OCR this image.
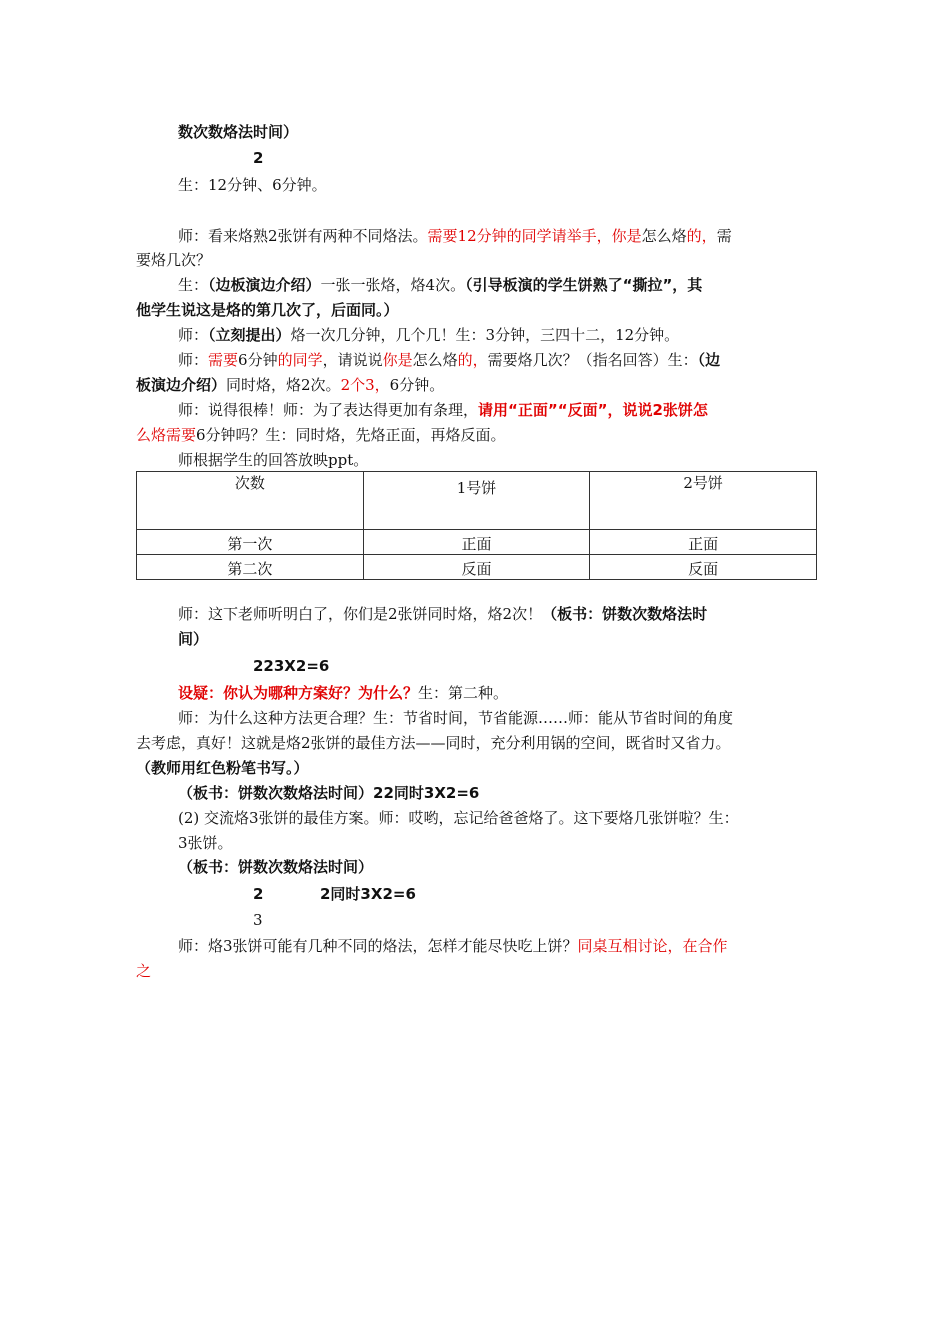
数次数烙法时间）
2
生：12分钟、6分钟。
师：看来烙熟2张饼有两种不同烙法。需要12分钟的同学请举手，你是怎么烙的，需
要烙几次？
生：（边板演边介绍）一张一张烙，烙4次。（引导板演的学生饼熟了“撕拉”，其
他学生说这是烙的第几次了，后面同。）
师：（立刻提出）烙一次几分钟，几个几！生：3分钟，三四十二，12分钟。
师：需要6分钟的同学，请说说你是怎么烙的，需要烙几次？（指名回答）生：（边
板演边介绍）同时烙，烙2次。2个3，6分钟。
师：说得很棒！师：为了表达得更加有条理，请用“正面”“反面”，说说2张饼怎
么烙需要6分钟吗？生：同时烙，先烙正面，再烙反面。
师根据学生的回答放映ppt。
次数	1号饼	2号饼
第一次	正面	正面
第二次	反面	反面
师：这下老师听明白了，你们是2张饼同时烙，烙2次！（板书：饼数次数烙法时
间）
223X2=6
设疑：你认为哪种方案好？为什么？生：第二种。
师：为什么这种方法更合理？生：节省时间，节省能源……师：能从节省时间的角度
去考虑，真好！这就是烙2张饼的最佳方法——同时，充分利用锅的空间，既省时又省力。
（教师用红色粉笔书写。）
（板书：饼数次数烙法时间）22同时3X2=6
(2) 交流烙3张饼的最佳方案。师：哎哟，忘记给爸爸烙了。这下要烙几张饼啦？生：
3张饼。
（板书：饼数次数烙法时间）
2	2同时3X2=6
3
师：烙3张饼可能有几种不同的烙法，怎样才能尽快吃上饼？同桌互相讨论，在合作
之
